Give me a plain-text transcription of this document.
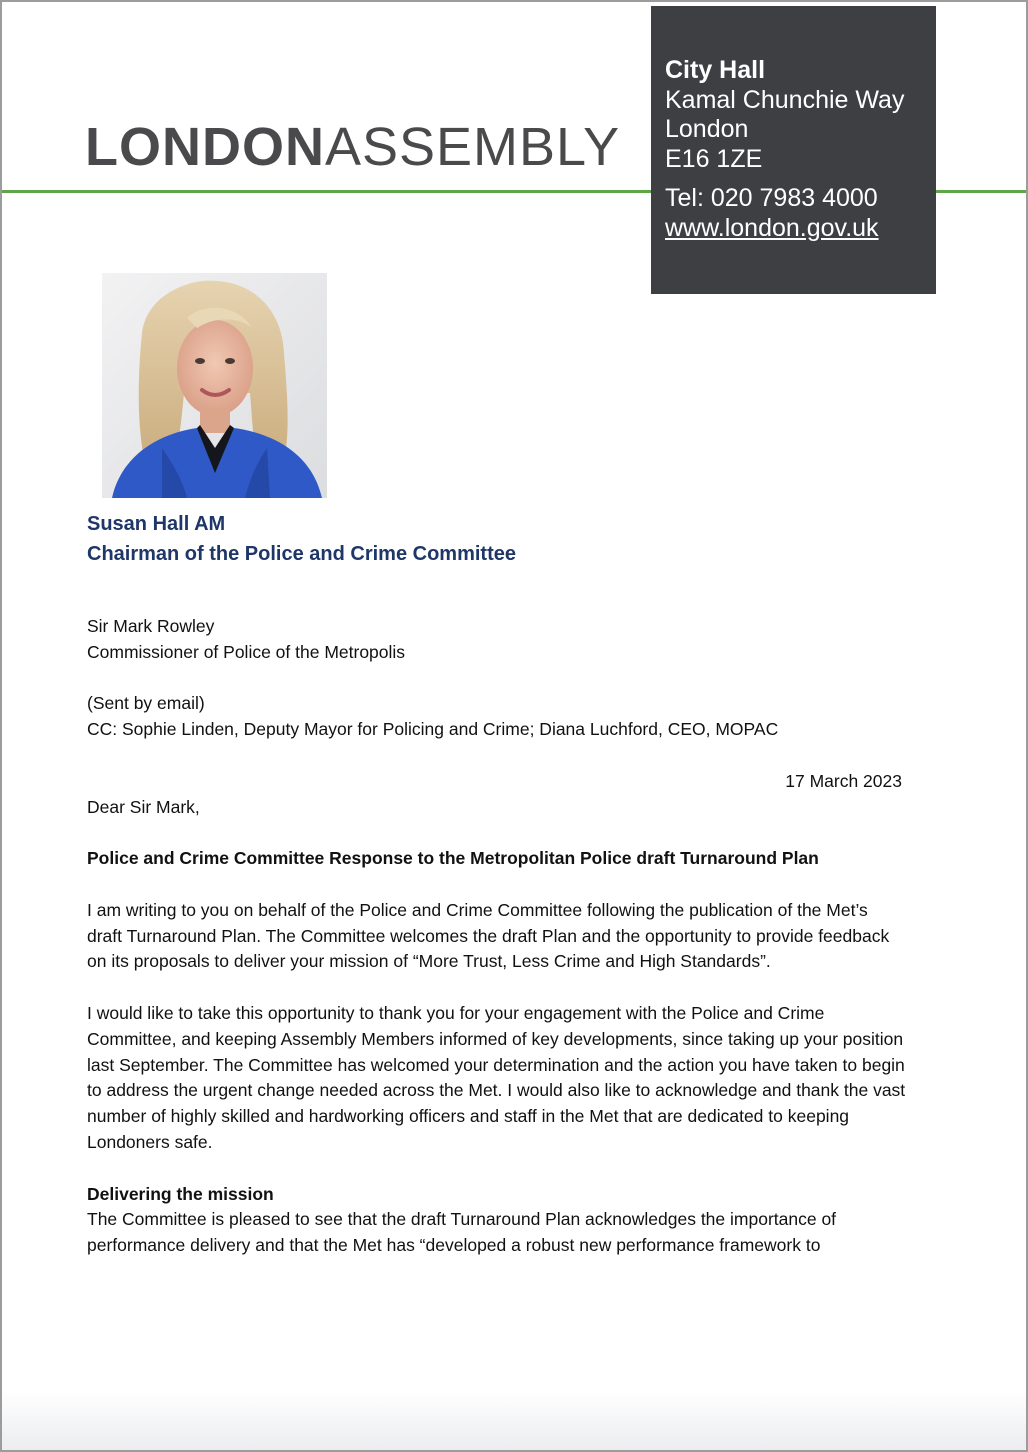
LONDONASSEMBLY
City Hall
Kamal Chunchie Way
London
E16 1ZE
Tel: 020 7983 4000
www.london.gov.uk
Susan Hall AM
Chairman of the Police and Crime Committee

Sir Mark Rowley

Commissioner of Police of the Metropolis

(Sent by email)

CC: Sophie Linden, Deputy Mayor for Policing and Crime; Diana Luchford, CEO, MOPAC

17 March 2023

Dear Sir Mark,

Police and Crime Committee Response to the Metropolitan Police draft Turnaround Plan

I am writing to you on behalf of the Police and Crime Committee following the publication of the Met’s draft Turnaround Plan. The Committee welcomes the draft Plan and the opportunity to provide feedback on its proposals to deliver your mission of “More Trust, Less Crime and High Standards”.

I would like to take this opportunity to thank you for your engagement with the Police and Crime Committee, and keeping Assembly Members informed of key developments, since taking up your position last September. The Committee has welcomed your determination and the action you have taken to begin to address the urgent change needed across the Met. I would also like to acknowledge and thank the vast number of highly skilled and hardworking officers and staff in the Met that are dedicated to keeping Londoners safe.

Delivering the mission

The Committee is pleased to see that the draft Turnaround Plan acknowledges the importance of performance delivery and that the Met has “developed a robust new performance framework to
